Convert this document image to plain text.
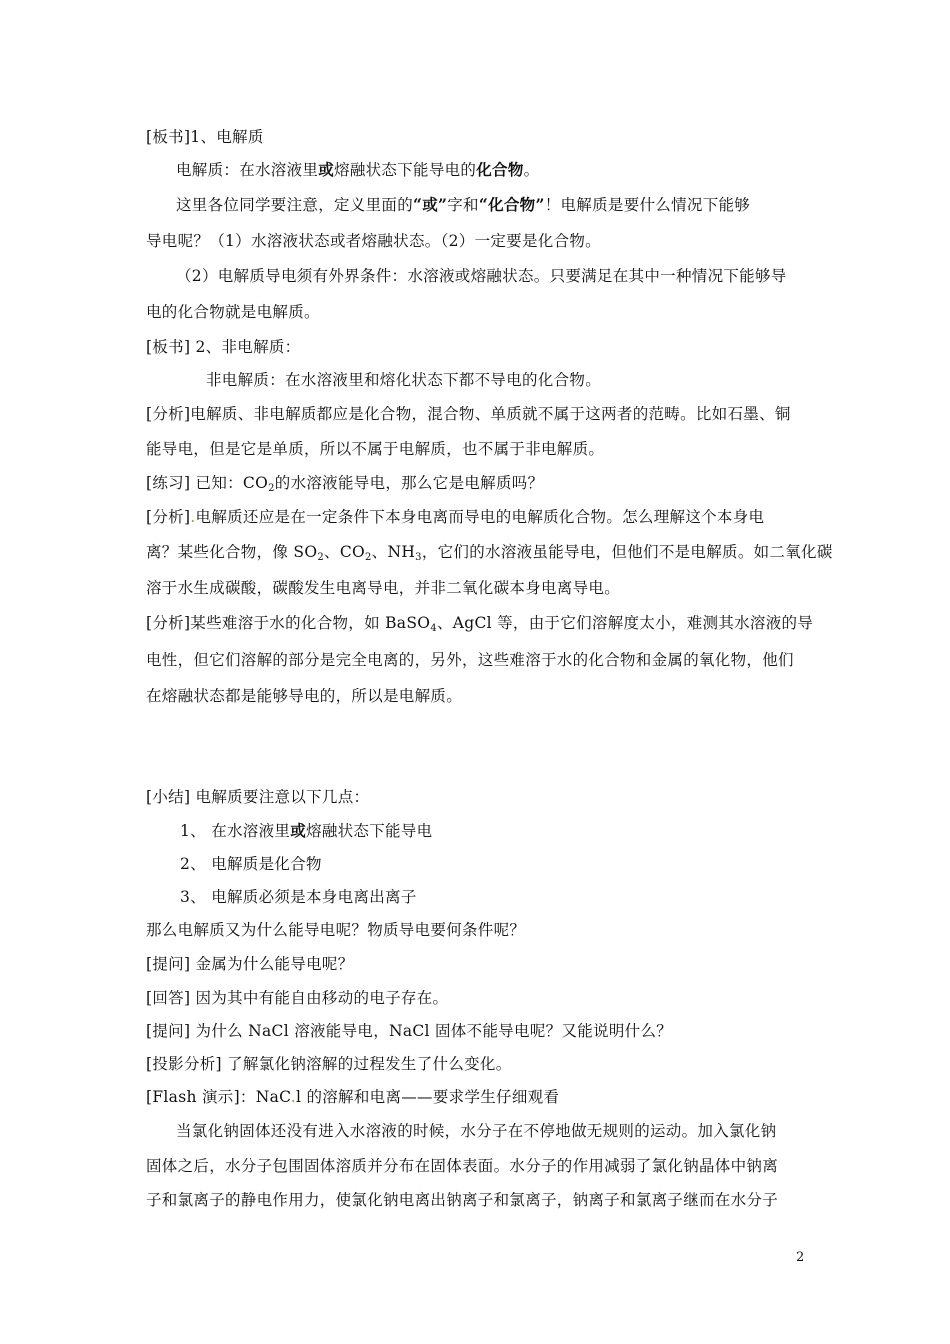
[板书]1、电解质
电解质：在水溶液里或熔融状态下能导电的化合物。
这里各位同学要注意，定义里面的“或”字和“化合物”！电解质是要什么情况下能够
导电呢？（1）水溶液状态或者熔融状态。（2）一定要是化合物。
（2）电解质导电须有外界条件：水溶液或熔融状态。只要满足在其中一种情况下能够导
电的化合物就是电解质。
[板书] 2、非电解质：
非电解质：在水溶液里和熔化状态下都不导电的化合物。
[分析]电解质、非电解质都应是化合物，混合物、单质就不属于这两者的范畴。比如石墨、铜
能导电，但是它是单质，所以不属于电解质，也不属于非电解质。
[练习] 已知：$CO_2$的水溶液能导电，那么它是电解质吗？
[分析].电解质还应是在一定条件下本身电离而导电的电解质化合物。怎么理解这个本身电
离？某些化合物，像 $SO_2$、$CO_2$、$NH_3$，它们的水溶液虽能导电，但他们不是电解质。如二氧化碳
溶于水生成碳酸，碳酸发生电离导电，并非二氧化碳本身电离导电。
[分析]某些难溶于水的化合物，如 BaSO$_4$、AgCl 等，由于它们溶解度太小，难测其水溶液的导
电性，但它们溶解的部分是完全电离的，另外，这些难溶于水的化合物和金属的氧化物，他们
在熔融状态都是能够导电的，所以是电解质。
[小结] 电解质要注意以下几点：
1、 在水溶液里或熔融状态下能导电
2、 电解质是化合物
3、 电解质必须是本身电离出离子
那么电解质又为什么能导电呢？物质导电要何条件呢？
[提问] 金属为什么能导电呢？
[回答] 因为其中有能自由移动的电子存在。
[提问] 为什么 NaCl 溶液能导电，NaCl 固体不能导电呢？又能说明什么？
[投影分析] 了解氯化钠溶解的过程发生了什么变化。
[Flash 演示]：NaC.l 的溶解和电离——要求学生仔细观看
当氯化钠固体还没有进入水溶液的时候，水分子在不停地做无规则的运动。加入氯化钠
固体之后，水分子包围固体溶质并分布在固体表面。水分子的作用减弱了氯化钠晶体中钠离
子和氯离子的静电作用力，使氯化钠电离出钠离子和氯离子，钠离子和氯离子继而在水分子
2
